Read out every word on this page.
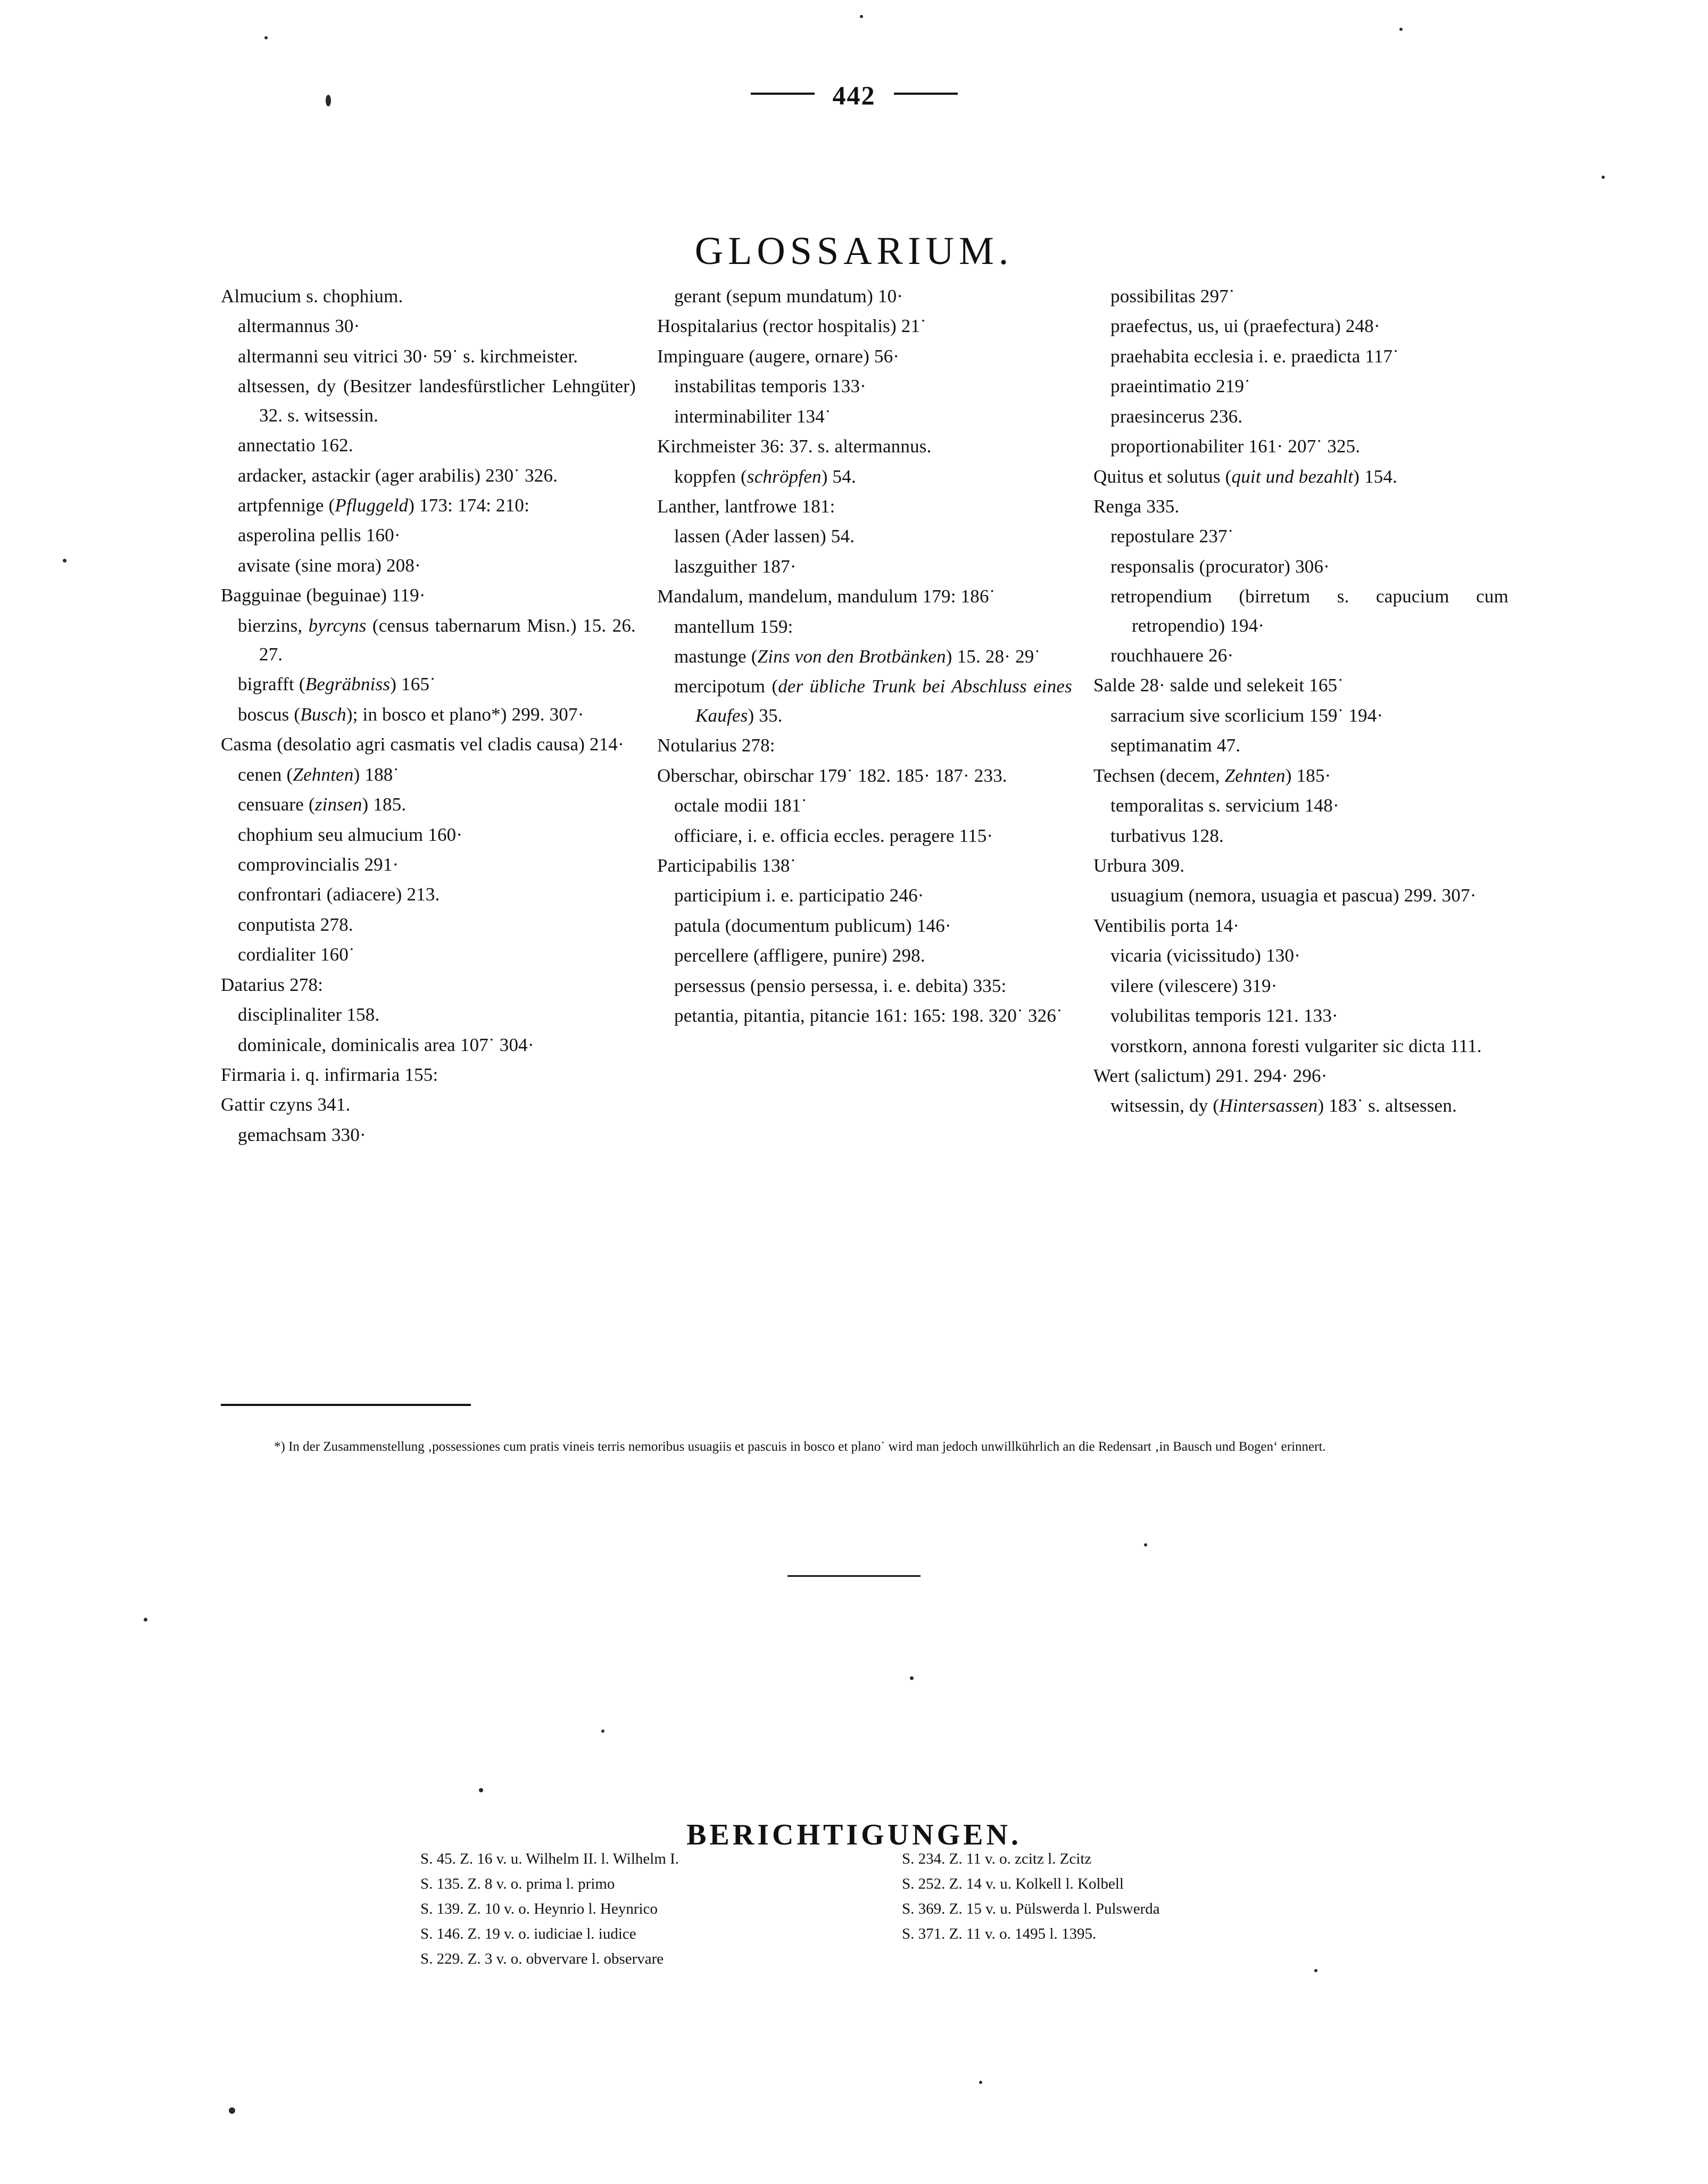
442
GLOSSARIUM.

Almucium s. chophium.

altermannus 30·

altermanni seu vitrici 30· 59˙ s. kirchmeister.

altsessen, dy (Besitzer landesfürstlicher Lehngüter) 32. s. witsessin.

annectatio 162.

ardacker, astackir (ager arabilis) 230˙ 326.

artpfennige (Pfluggeld) 173: 174: 210:

asperolina pellis 160·

avisate (sine mora) 208·

Bagguinae (beguinae) 119·

bierzins, byrcyns (census tabernarum Misn.) 15. 26. 27.

bigrafft (Begräbniss) 165˙

boscus (Busch); in bosco et plano*) 299. 307·

Casma (desolatio agri casmatis vel cladis causa) 214·

cenen (Zehnten) 188˙

censuare (zinsen) 185.

chophium seu almucium 160·

comprovincialis 291·

confrontari (adiacere) 213.

conputista 278.

cordialiter 160˙

Datarius 278:

disciplinaliter 158.

dominicale, dominicalis area 107˙ 304·

Firmaria i. q. infirmaria 155:

Gattir czyns 341.

gemachsam 330·

gerant (sepum mundatum) 10·

Hospitalarius (rector hospitalis) 21˙

Impinguare (augere, ornare) 56·

instabilitas temporis 133·

interminabiliter 134˙

Kirchmeister 36: 37. s. altermannus.

koppfen (schröpfen) 54.

Lanther, lantfrowe 181:

lassen (Ader lassen) 54.

laszguither 187·

Mandalum, mandelum, mandulum 179: 186˙

mantellum 159:

mastunge (Zins von den Brotbänken) 15. 28· 29˙

mercipotum (der übliche Trunk bei Abschluss eines Kaufes) 35.

Notularius 278:

Oberschar, obirschar 179˙ 182. 185· 187· 233.

octale modii 181˙

officiare, i. e. officia eccles. peragere 115·

Participabilis 138˙

participium i. e. participatio 246·

patula (documentum publicum) 146·

percellere (affligere, punire) 298.

persessus (pensio persessa, i. e. debita) 335:

petantia, pitantia, pitancie 161: 165: 198. 320˙ 326˙

possibilitas 297˙

praefectus, us, ui (praefectura) 248·

praehabita ecclesia i. e. praedicta 117˙

praeintimatio 219˙

praesincerus 236.

proportionabiliter 161· 207˙ 325.

Quitus et solutus (quit und bezahlt) 154.

Renga 335.

repostulare 237˙

responsalis (procurator) 306·

retropendium (birretum s. capucium cum retropendio) 194·

rouchhauere 26·

Salde 28· salde und selekeit 165˙

sarracium sive scorlicium 159˙ 194·

septimanatim 47.

Techsen (decem, Zehnten) 185·

temporalitas s. servicium 148·

turbativus 128.

Urbura 309.

usuagium (nemora, usuagia et pascua) 299. 307·

Ventibilis porta 14·

vicaria (vicissitudo) 130·

vilere (vilescere) 319·

volubilitas temporis 121. 133·

vorstkorn, annona foresti vulgariter sic dicta 111.

Wert (salictum) 291. 294· 296·

witsessin, dy (Hintersassen) 183˙ s. altsessen.

*) In der Zusammenstellung ‚possessiones cum pratis vineis terris nemoribus usuagiis et pascuis in bosco et plano˙ wird man jedoch unwillkührlich an die Redensart ‚in Bausch und Bogen‘ erinnert.

BERICHTIGUNGEN.
S. 45. Z. 16 v. u. Wilhelm II. l. Wilhelm I.
S. 135. Z. 8 v. o. prima l. primo
S. 139. Z. 10 v. o. Heynrio l. Heynrico
S. 146. Z. 19 v. o. iudiciae l. iudice
S. 229. Z. 3 v. o. obvervare l. observare
S. 234. Z. 11 v. o. zcitz l. Zcitz
S. 252. Z. 14 v. u. Kolkell l. Kolbell
S. 369. Z. 15 v. u. Pülswerda l. Pulswerda
S. 371. Z. 11 v. o. 1495 l. 1395.
